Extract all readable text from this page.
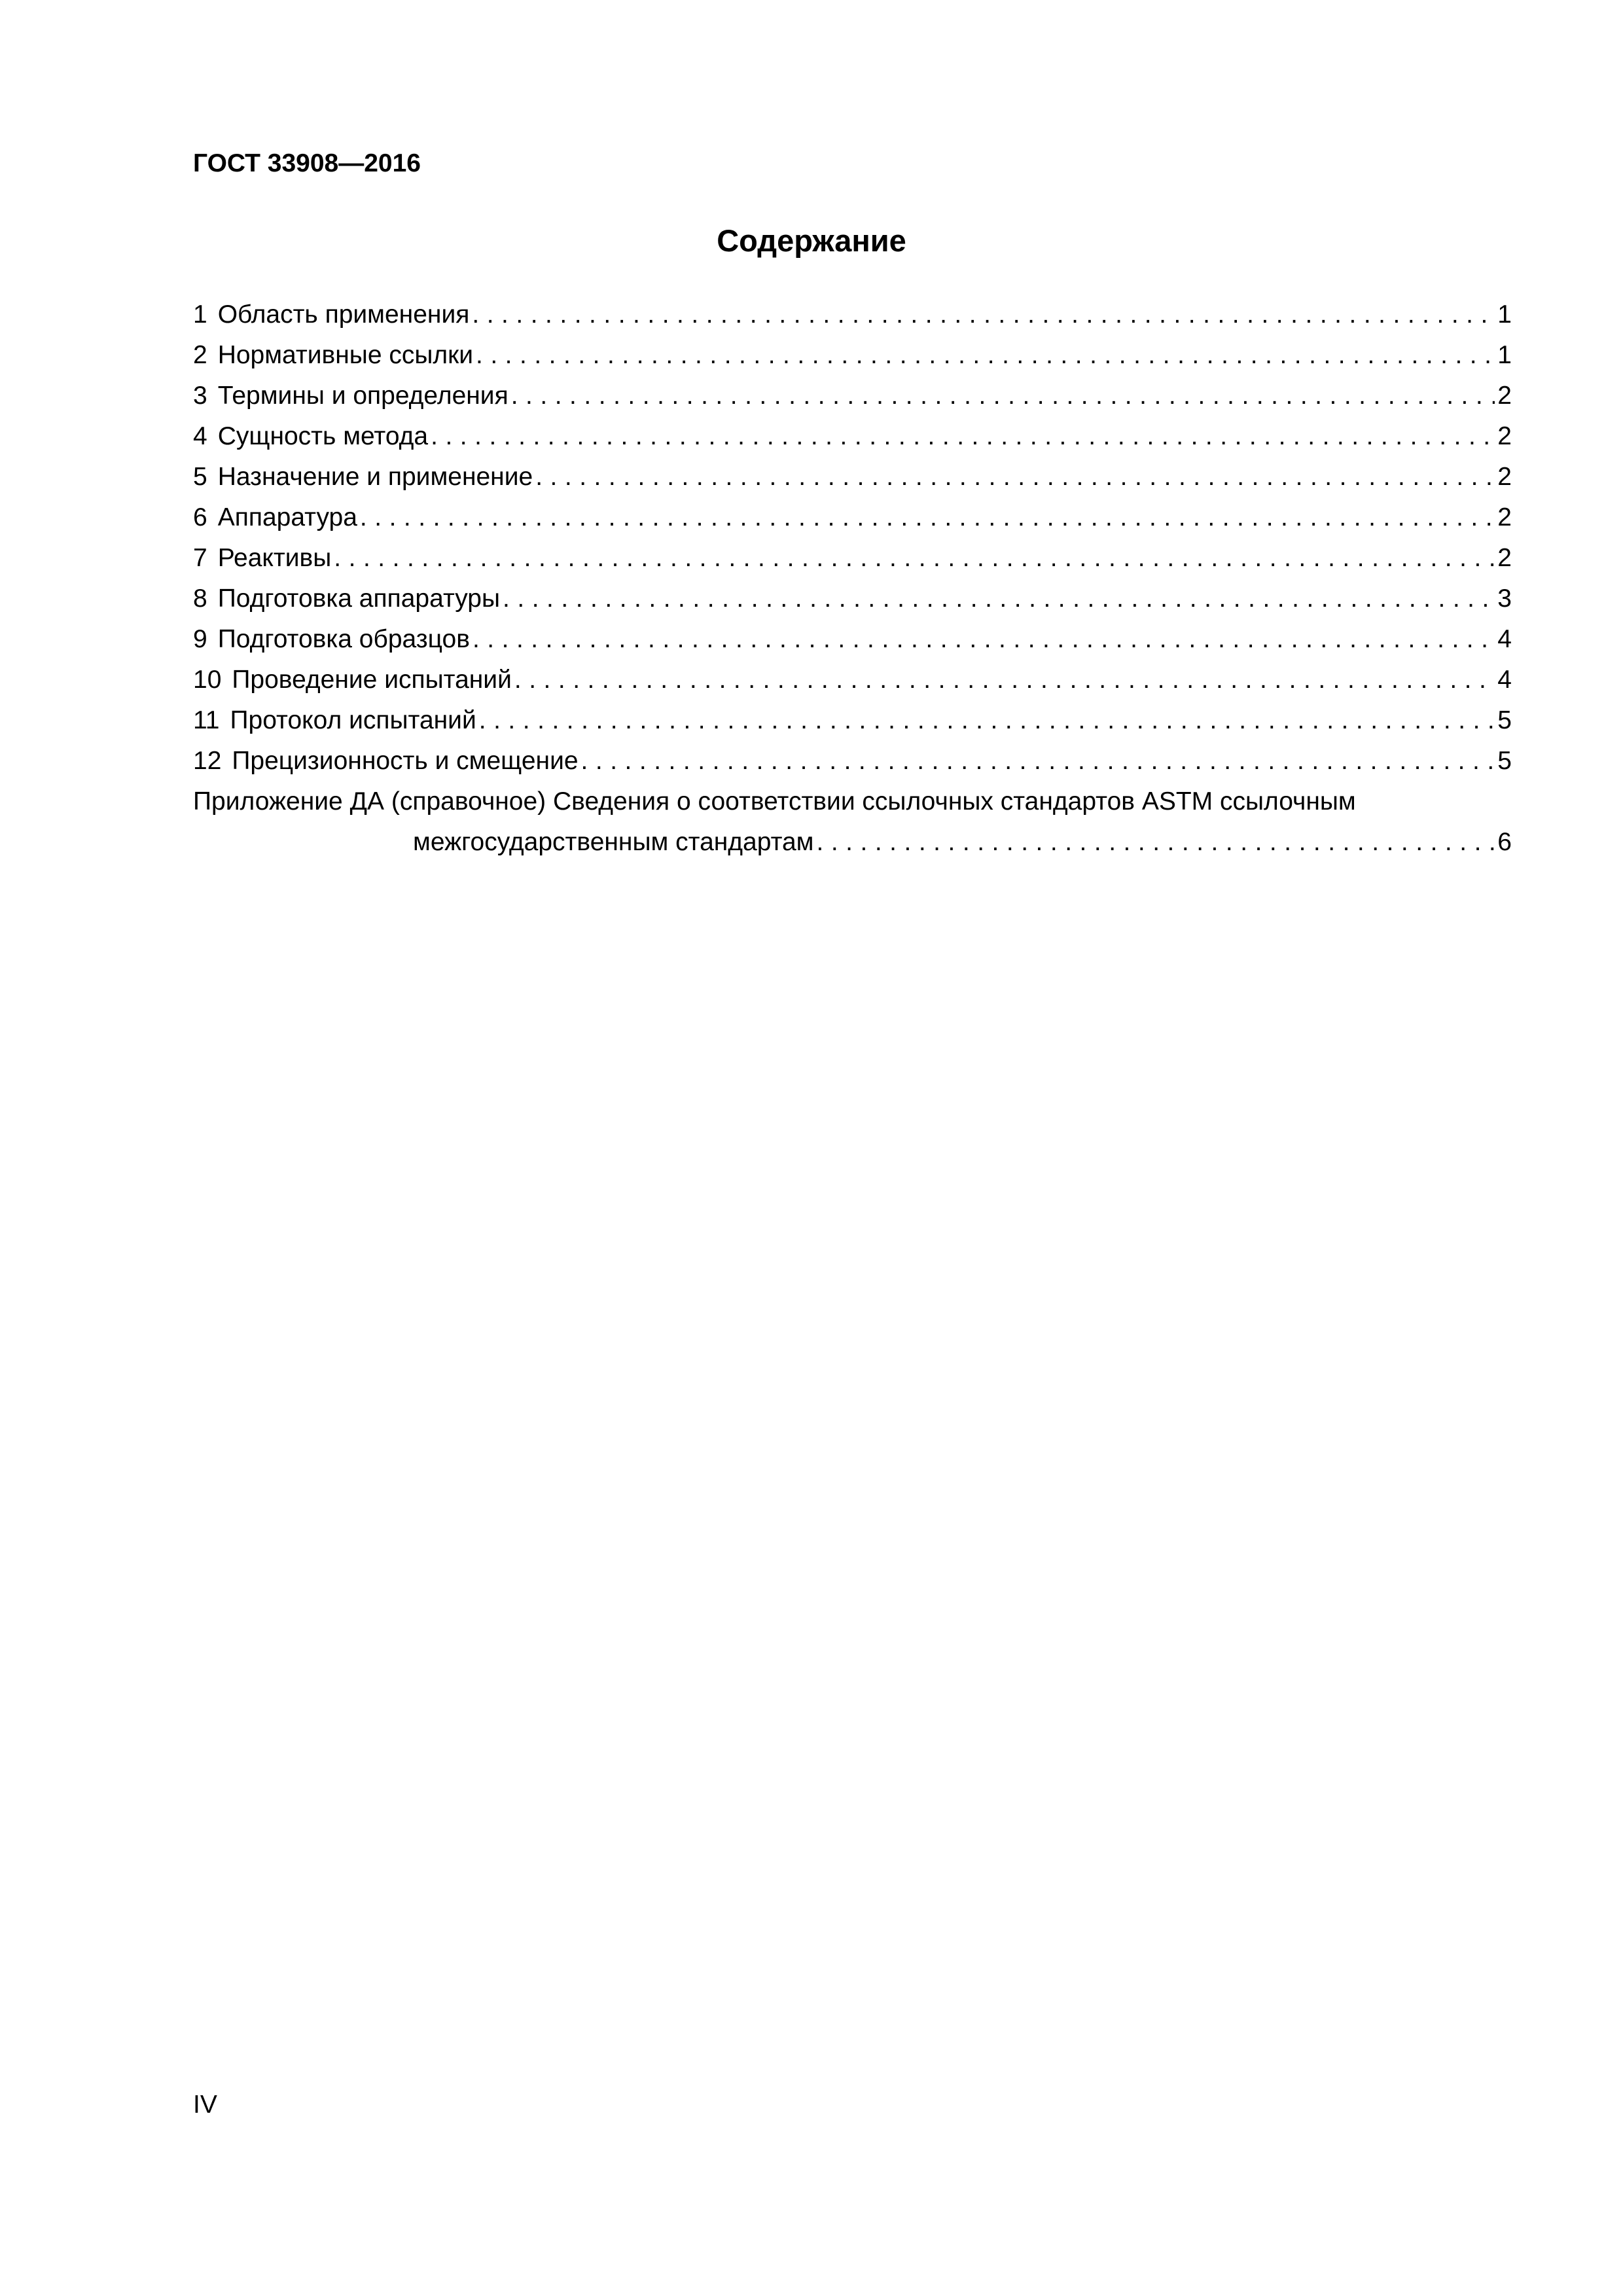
ГОСТ 33908—2016
Содержание
1 Область применения .....	1
2 Нормативные ссылки .....	1
3 Термины и определения .....	2
4 Сущность метода .....	2
5 Назначение и применение .....	2
6 Аппаратура .....	2
7 Реактивы .....	2
8 Подготовка аппаратуры .....	3
9 Подготовка образцов .....	4
10 Проведение испытаний .....	4
11 Протокол испытаний .....	5
12 Прецизионность и смещение .....	5
Приложение ДА (справочное) Сведения о соответствии ссылочных стандартов ASTM ссылочным
межгосударственным стандартам .....	6
IV
